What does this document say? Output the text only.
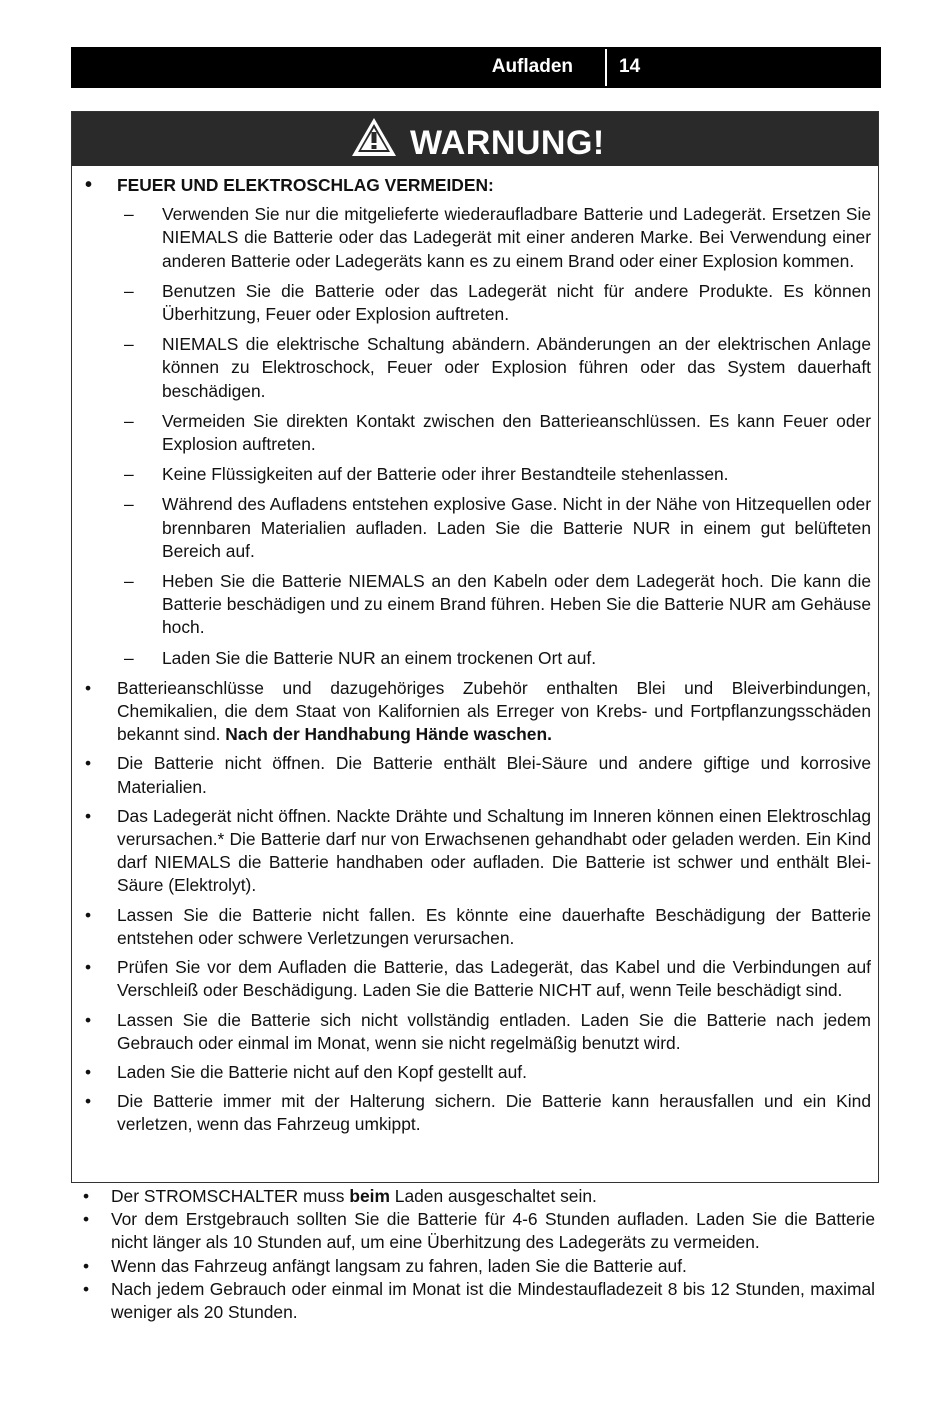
Aufladen 14
WARNUNG!
• FEUER UND ELEKTROSCHLAG VERMEIDEN:
– Verwenden Sie nur die mitgelieferte wiederaufladbare Batterie und Ladegerät. Ersetzen Sie NIEMALS die Batterie oder das Ladegerät mit einer anderen Marke. Bei Verwendung einer anderen Batterie oder Ladegeräts kann es zu einem Brand oder einer Explosion kommen.
– Benutzen Sie die Batterie oder das Ladegerät nicht für andere Produkte. Es können Überhitzung, Feuer oder Explosion auftreten.
– NIEMALS die elektrische Schaltung abändern. Abänderungen an der elektrischen Anlage können zu Elektroschock, Feuer oder Explosion führen oder das System dauerhaft beschädigen.
– Vermeiden Sie direkten Kontakt zwischen den Batterieanschlüssen. Es kann Feuer oder Explosion auftreten.
– Keine Flüssigkeiten auf der Batterie oder ihrer Bestandteile stehenlassen.
– Während des Aufladens entstehen explosive Gase. Nicht in der Nähe von Hitzequellen oder brennbaren Materialien aufladen. Laden Sie die Batterie NUR in einem gut belüfteten Bereich auf.
– Heben Sie die Batterie NIEMALS an den Kabeln oder dem Ladegerät hoch. Die kann die Batterie beschädigen und zu einem Brand führen. Heben Sie die Batterie NUR am Gehäuse hoch.
– Laden Sie die Batterie NUR an einem trockenen Ort auf.
• Batterieanschlüsse und dazugehöriges Zubehör enthalten Blei und Bleiverbindungen, Chemikalien, die dem Staat von Kalifornien als Erreger von Krebs- und Fortpflanzungsschäden bekannt sind. Nach der Handhabung Hände waschen.
• Die Batterie nicht öffnen. Die Batterie enthält Blei-Säure und andere giftige und korrosive Materialien.
• Das Ladegerät nicht öffnen. Nackte Drähte und Schaltung im Inneren können einen Elektroschlag verursachen.* Die Batterie darf nur von Erwachsenen gehandhabt oder geladen werden. Ein Kind darf NIEMALS die Batterie handhaben oder aufladen. Die Batterie ist schwer und enthält Blei-Säure (Elektrolyt).
• Lassen Sie die Batterie nicht fallen. Es könnte eine dauerhafte Beschädigung der Batterie entstehen oder schwere Verletzungen verursachen.
• Prüfen Sie vor dem Aufladen die Batterie, das Ladegerät, das Kabel und die Verbindungen auf Verschleiß oder Beschädigung. Laden Sie die Batterie NICHT auf, wenn Teile beschädigt sind.
• Lassen Sie die Batterie sich nicht vollständig entladen. Laden Sie die Batterie nach jedem Gebrauch oder einmal im Monat, wenn sie nicht regelmäßig benutzt wird.
• Laden Sie die Batterie nicht auf den Kopf gestellt auf.
• Die Batterie immer mit der Halterung sichern. Die Batterie kann herausfallen und ein Kind verletzen, wenn das Fahrzeug umkippt.
• Der STROMSCHALTER muss beim Laden ausgeschaltet sein.
• Vor dem Erstgebrauch sollten Sie die Batterie für 4-6 Stunden aufladen. Laden Sie die Batterie nicht länger als 10 Stunden auf, um eine Überhitzung des Ladegeräts zu vermeiden.
• Wenn das Fahrzeug anfängt langsam zu fahren, laden Sie die Batterie auf.
• Nach jedem Gebrauch oder einmal im Monat ist die Mindestaufladezeit 8 bis 12 Stunden, maximal weniger als 20 Stunden.
